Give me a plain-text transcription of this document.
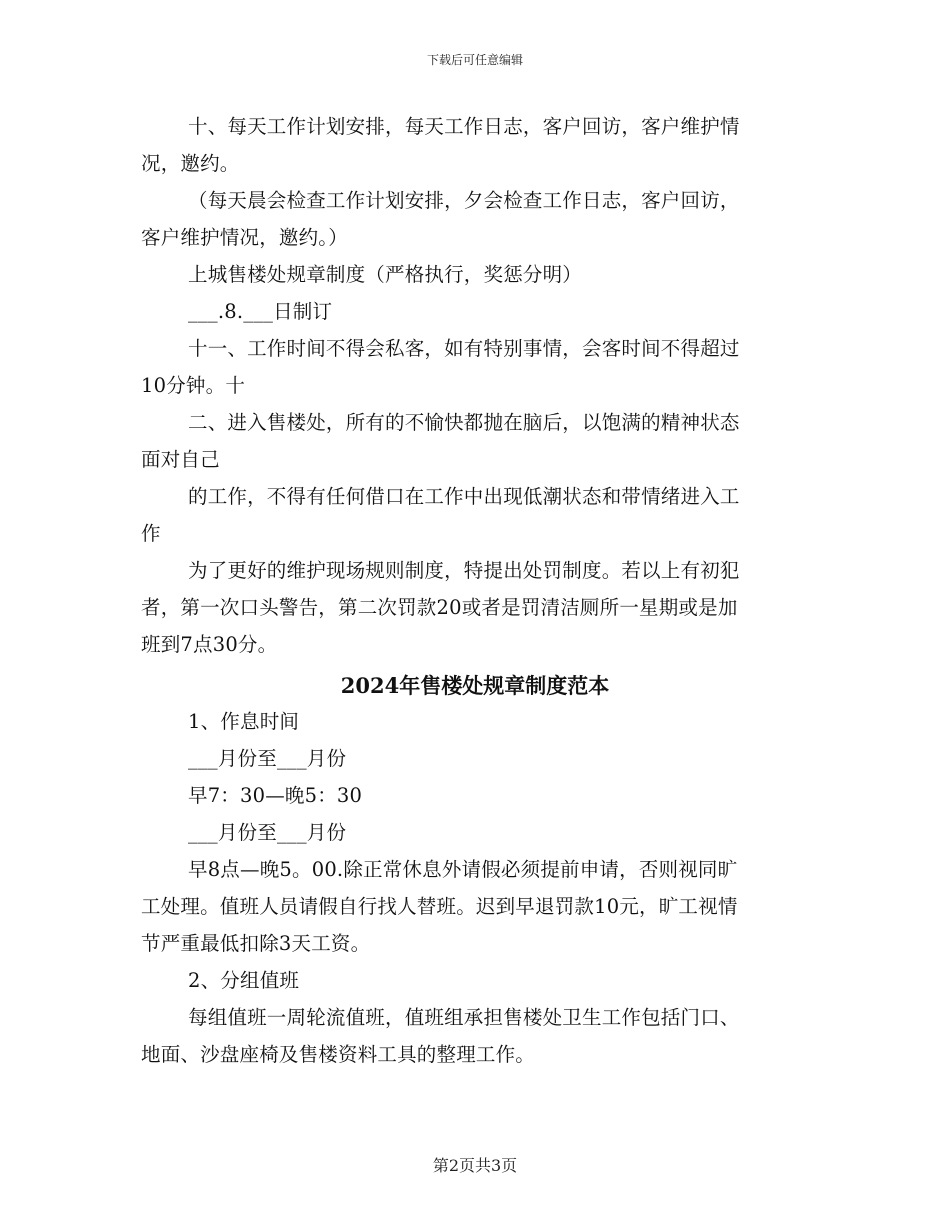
下载后可任意编辑
十、每天工作计划安排，每天工作日志，客户回访，客户维护情
况，邀约。
（每天晨会检查工作计划安排，夕会检查工作日志，客户回访，
客户维护情况，邀约。）
上城售楼处规章制度（严格执行，奖惩分明）
___.8.___日制订
十一、工作时间不得会私客，如有特别事情，会客时间不得超过
10分钟。十
二、进入售楼处，所有的不愉快都抛在脑后，以饱满的精神状态
面对自己
的工作，不得有任何借口在工作中出现低潮状态和带情绪进入工
作
为了更好的维护现场规则制度，特提出处罚制度。若以上有初犯
者，第一次口头警告，第二次罚款20或者是罚清洁厕所一星期或是加
班到7点30分。
2024年售楼处规章制度范本
1、作息时间
___月份至___月份
早7：30—晚5：30
___月份至___月份
早8点—晚5。00.除正常休息外请假必须提前申请，否则视同旷
工处理。值班人员请假自行找人替班。迟到早退罚款10元，旷工视情
节严重最低扣除3天工资。
2、分组值班
每组值班一周轮流值班，值班组承担售楼处卫生工作包括门口、
地面、沙盘座椅及售楼资料工具的整理工作。
第2页共3页
